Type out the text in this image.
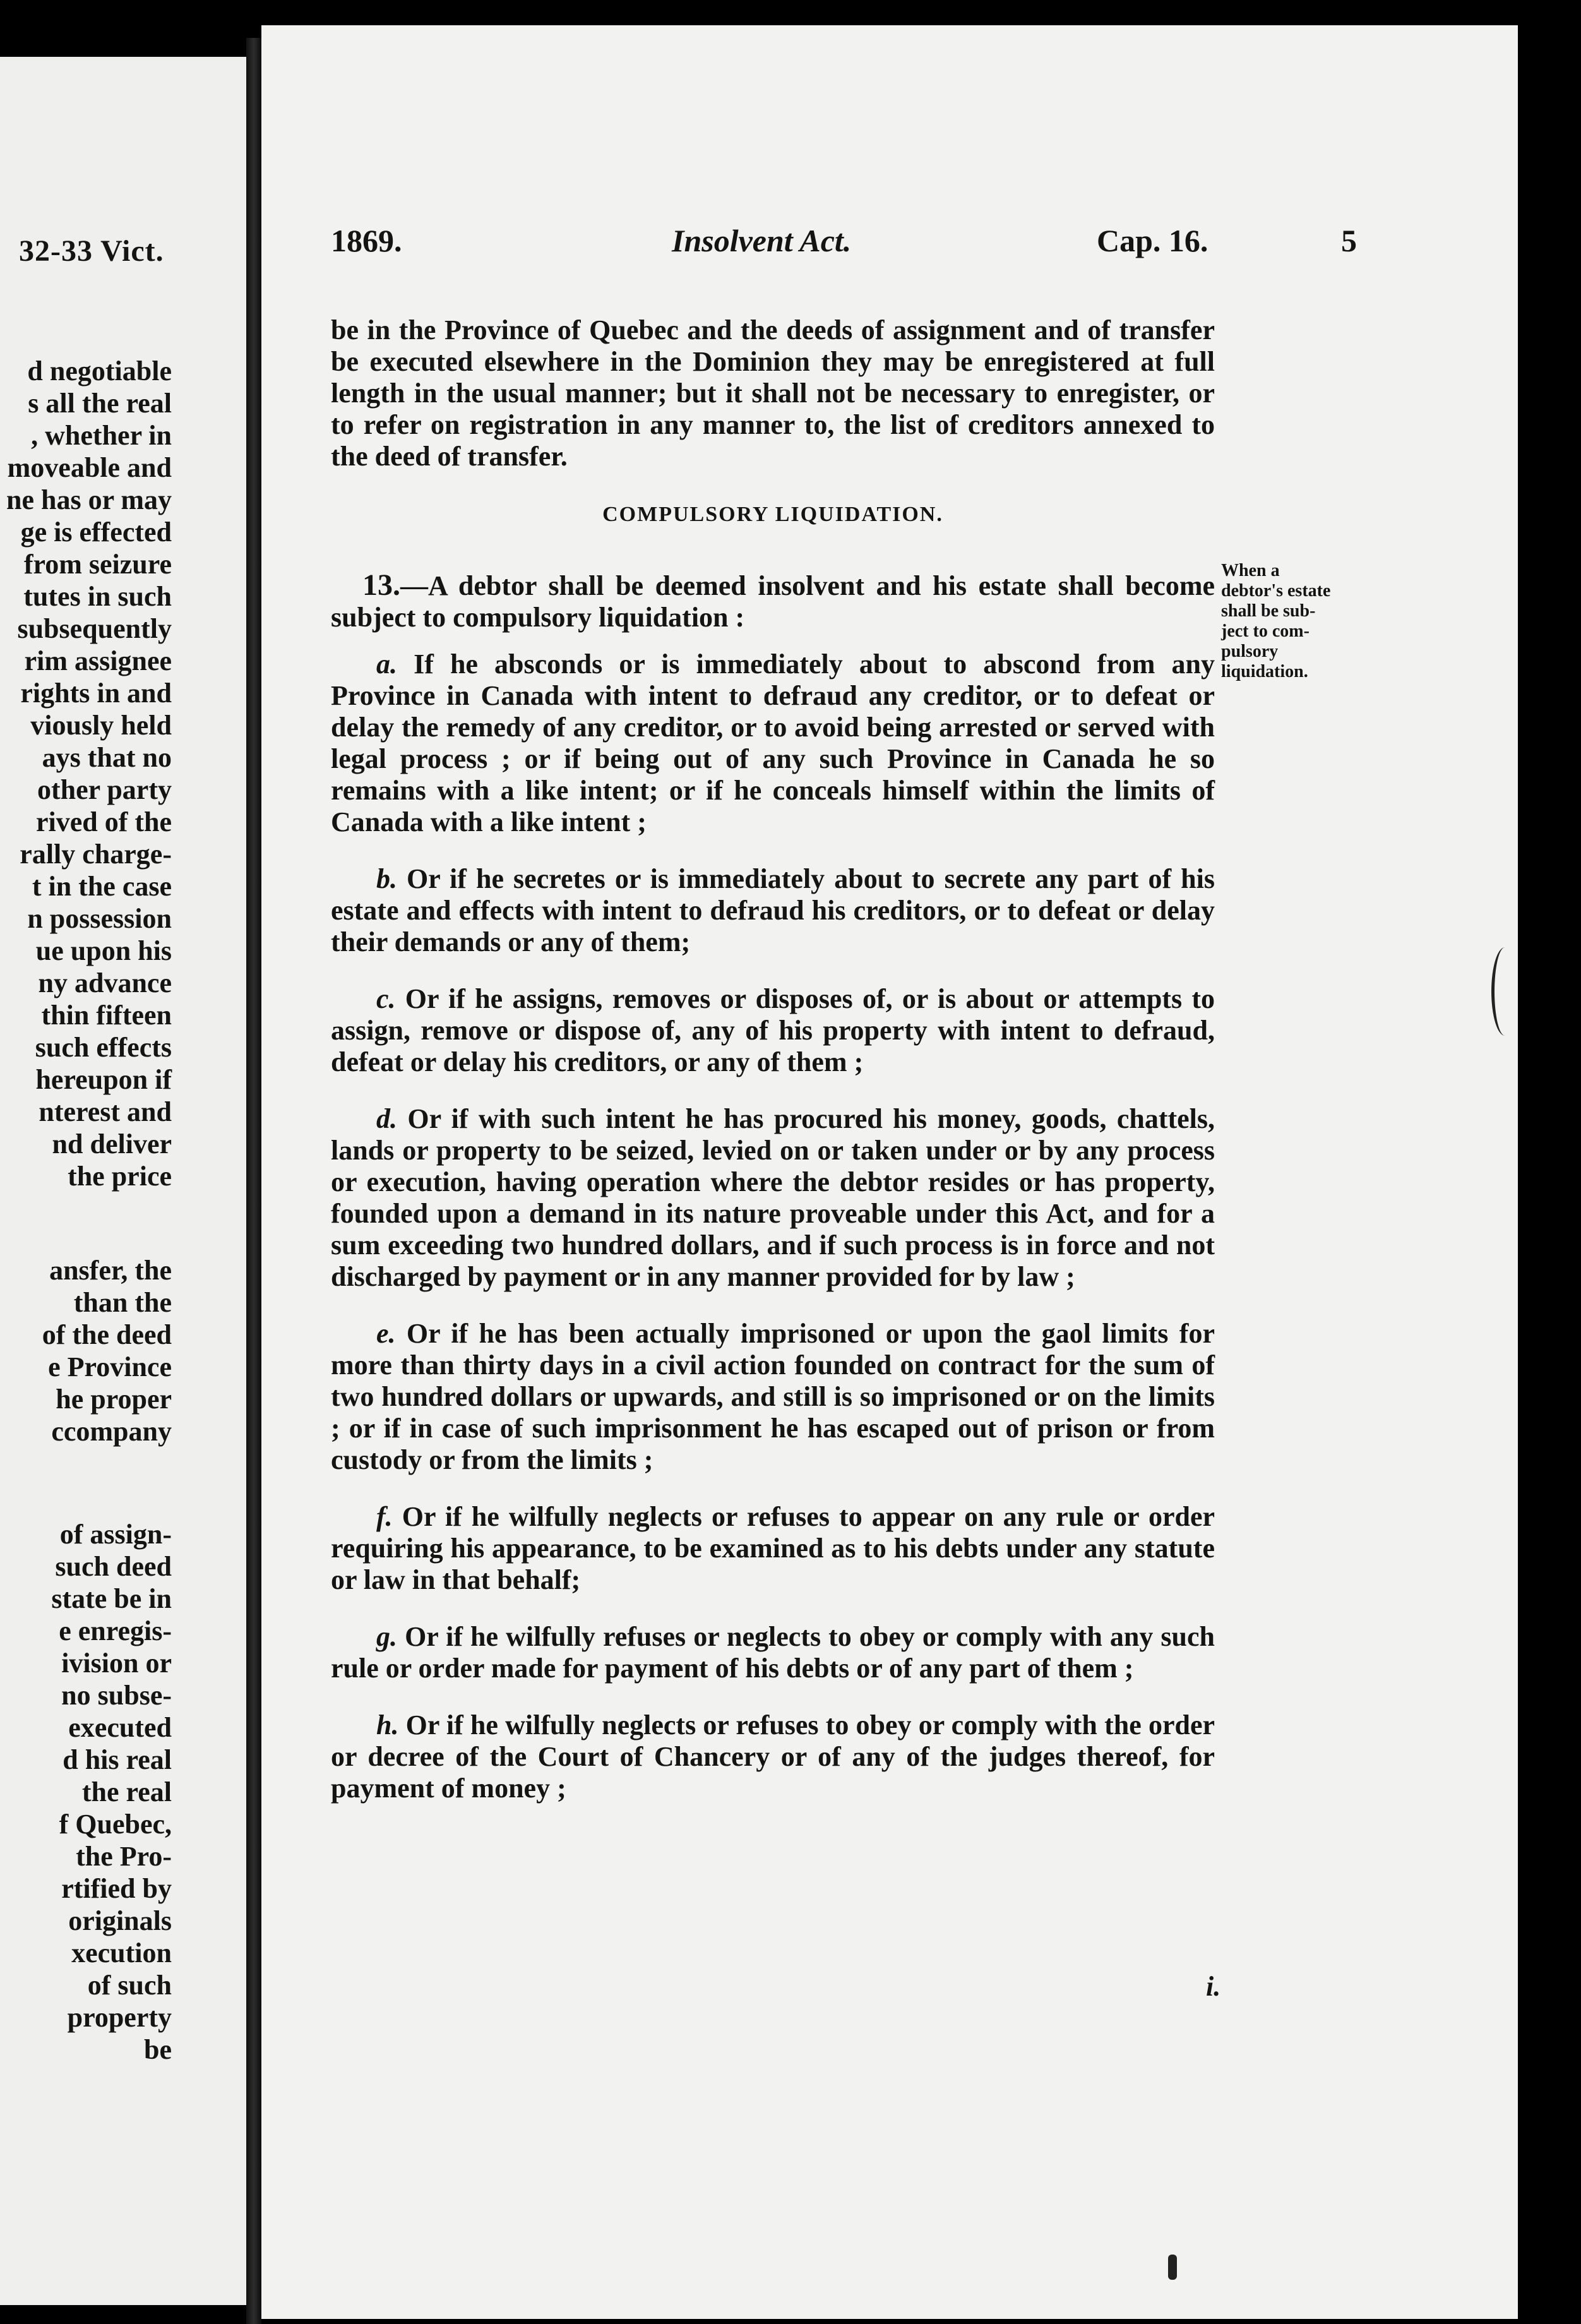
32-33 Vict.
d negotiable
s all the real
, whether in
moveable and
ne has or may
ge is effected
from seizure
tutes in such
subsequently
rim assignee
rights in and
viously held
ays that no
other party
rived of the
rally charge-
t in the case
n possession
ue upon his
ny advance
thin fifteen
such effects
hereupon if
nterest and
nd deliver
the price
ansfer, the
than the
of the deed
e Province
he proper
ccompany
of assign-
such deed
state be in
e enregis-
ivision or
no subse-
executed
d his real
the real
f Quebec,
the Pro-
rtified by
originals
xecution
of such
property
be
1869.	Insolvent Act.	Cap. 16.	5

be in the Province of Quebec and the deeds of assignment and of transfer be executed elsewhere in the Dominion they may be enregistered at full length in the usual manner; but it shall not be necessary to enregister, or to refer on registration in any manner to, the list of creditors annexed to the deed of transfer.

COMPULSORY LIQUIDATION.

13.—A debtor shall be deemed insolvent and his estate shall become subject to compulsory liquidation :

a. If he absconds or is immediately about to abscond from any Province in Canada with intent to defraud any creditor, or to defeat or delay the remedy of any creditor, or to avoid being arrested or served with legal process ; or if being out of any such Province in Canada he so remains with a like intent; or if he conceals himself within the limits of Canada with a like intent ;

b. Or if he secretes or is immediately about to secrete any part of his estate and effects with intent to defraud his creditors, or to defeat or delay their demands or any of them;

c. Or if he assigns, removes or disposes of, or is about or attempts to assign, remove or dispose of, any of his property with intent to defraud, defeat or delay his creditors, or any of them ;

d. Or if with such intent he has procured his money, goods, chattels, lands or property to be seized, levied on or taken under or by any process or execution, having operation where the debtor resides or has property, founded upon a demand in its nature proveable under this Act, and for a sum exceeding two hundred dollars, and if such process is in force and not discharged by payment or in any manner provided for by law ;

e. Or if he has been actually imprisoned or upon the gaol limits for more than thirty days in a civil action founded on contract for the sum of two hundred dollars or upwards, and still is so imprisoned or on the limits ; or if in case of such imprisonment he has escaped out of prison or from custody or from the limits ;

f. Or if he wilfully neglects or refuses to appear on any rule or order requiring his appearance, to be examined as to his debts under any statute or law in that behalf;

g. Or if he wilfully refuses or neglects to obey or comply with any such rule or order made for payment of his debts or of any part of them ;

h. Or if he wilfully neglects or refuses to obey or comply with the order or decree of the Court of Chancery or of any of the judges thereof, for payment of money ;

When a
debtor's estate
shall be sub-
ject to com-
pulsory
liquidation.
i.
